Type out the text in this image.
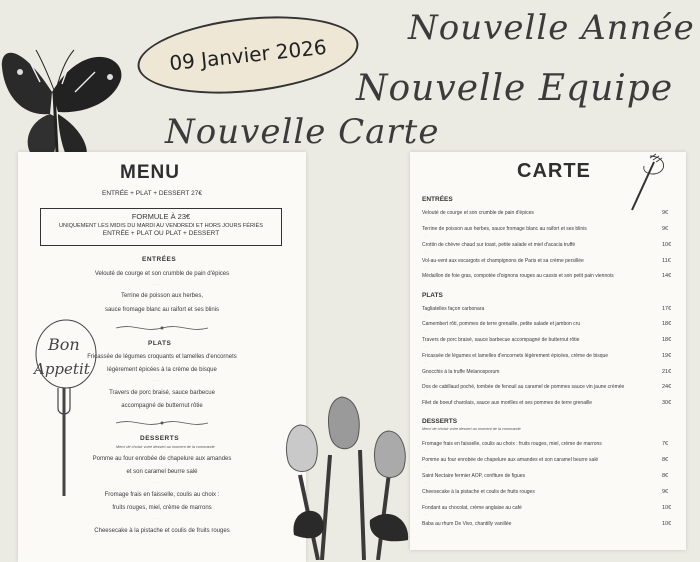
09 Janvier 2026
Nouvelle Année
Nouvelle Equipe
Nouvelle Carte
MENU
ENTRÉE + PLAT + DESSERT 27€
FORMULE À 23€
UNIQUEMENT LES MIDIS DU MARDI AU VENDREDI ET HORS JOURS FÉRIÉS
ENTRÉE + PLAT OU PLAT + DESSERT
ENTRÉES
Velouté de courge et son crumble de pain d'épices
···
Terrine de poisson aux herbes,
sauce fromage blanc au raifort et ses blinis
PLATS
Fricassée de légumes croquants et lamelles d'encornets
légèrement épicées à la crème de bisque
···
Travers de porc braisé, sauce barbecue
accompagné de butternut rôtie
DESSERTS
Merci de choisir votre dessert au moment de la commande
Pomme au four enrobée de chapelure aux amandes
et son caramel beurre salé
···
Fromage frais en faisselle, coulis au choix :
fruits rouges, miel, crème de marrons
···
Cheesecake à la pistache et coulis de fruits rouges
Bon
Appetit
CARTE
ENTRÉES
Velouté de courge et son crumble de pain d'épices	9€
···
Terrine de poisson aux herbes, sauce fromage blanc au raifort et ses blinis	9€
···
Crottin de chèvre chaud sur toast, petite salade et miel d'acacia truffé	10€
···
Vol-au-vent aux escargots et champignons de Paris et sa crème persillée	11€
···
Médaillon de foie gras, compotée d'oignons rouges au cassis et son petit pain viennois	14€
PLATS
Tagliatelles façon carbonara	17€
···
Camembert rôti, pommes de terre grenaille, petite salade et jambon cru	18€
···
Travers de porc braisé, sauce barbecue accompagné de butternut rôtie	18€
···
Fricassée de légumes et lamelles d'encornets légèrement épicées, crème de bisque	19€
···
Gnocchis à la truffe Melanosporum	21€
···
Dos de cabillaud poché, tombée de fenouil au caramel de pommes sauce vin jaune crèmée	24€
···
Filet de boeuf charolais, sauce aux morilles et ses pommes de terre grenaille	30€
DESSERTS
Merci de choisir votre dessert au moment de la commande
Fromage frais en faisselle, coulis au choix : fruits rouges, miel, crème de marrons	7€
···
Pomme au four enrobée de chapelure aux amandes et son caramel beurre salé	8€
···
Saint Nectaire fermier AOP, confiture de figues	8€
···
Cheesecake à la pistache et coulis de fruits rouges	9€
···
Fondant au chocolat, crème anglaise au café	10€
···
Baba au rhum De Vivo, chantilly vanillée	10€
